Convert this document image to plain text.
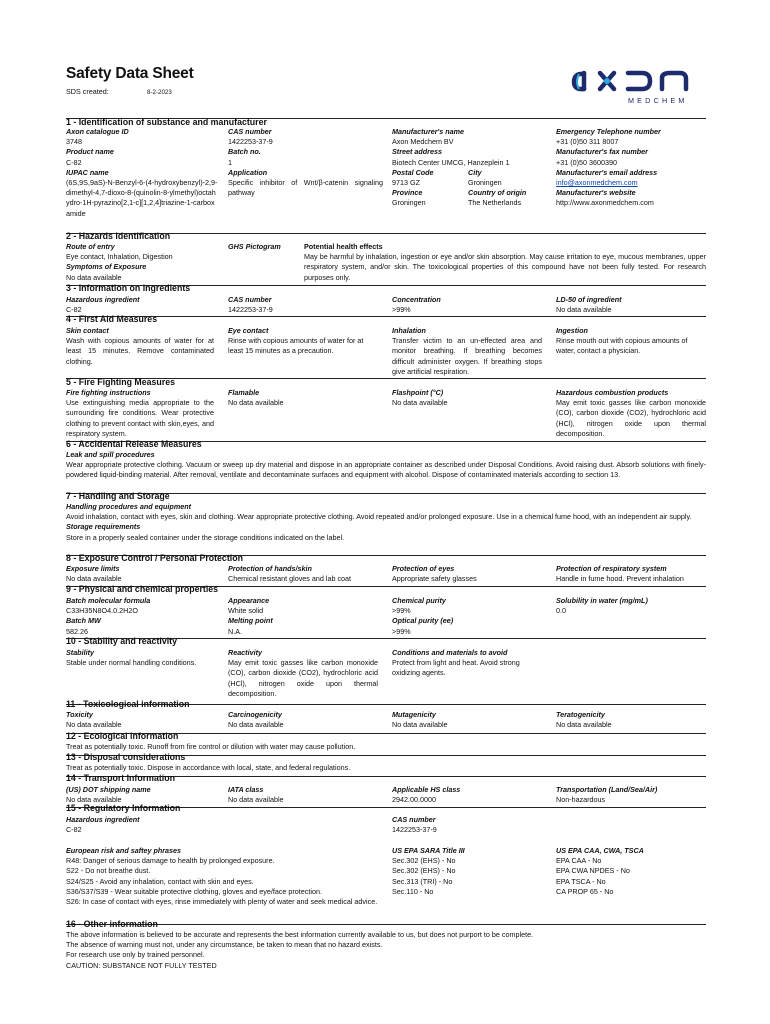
Safety Data Sheet
SDS created:	8-2-2023
MEDCHEM
1 - Identification of substance and manufacturer
Axon catalogue ID
3748
Product name
C-82
IUPAC name
(6S,9S,9aS)-N-Benzyl-6-(4-hydroxybenzyl)-2,9-dimethyl-4,7-dioxo-8-(quinolin-8-ylmethyl)octahydro-1H-pyrazino[2,1-c][1,2,4]triazine-1-carboxamide
CAS number
1422253-37-9
Batch no.
1
Application
Specific inhibitor of Wnt/β-catenin signaling pathway
Manufacturer's name
Axon Medchem BV
Street address
Biotech Center UMCG, Hanzeplein 1
Postal Code	City
9713 GZ	Groningen
Province	Country of origin
Groningen	The Netherlands
Emergency Telephone number
+31 (0)50 311 8007
Manufacturer's fax number
+31 (0)50 3600390
Manufacturer's email address
info@axonmedchem.com
Manufacturer's website
http://www.axonmedchem.com
2 - Hazards identification
Route of entry
Eye contact, Inhalation, Digestion
Symptoms of Exposure
No data available
GHS Pictogram	Potential health effects
May be harmful by inhalation, ingestion or eye and/or skin absorption. May cause irritation to eye, mucous membranes, upper respiratory system, and/or skin. The toxicological properties of this compound have not been fully tested. For research purposes only.
3 - Information on ingredients
Hazardous ingredient
C-82
CAS number
1422253-37-9
Concentration
>99%
LD-50 of ingredient
No data available
4 - First Aid Measures
Skin contact
Wash with copious amounts of water for at least 15 minutes. Remove contaminated clothing.
Eye contact
Rinse with copious amounts of water for at least 15 minutes as a precaution.
Inhalation
Transfer victim to an un-effected area and monitor breathing. If breathing becomes difficult administer oxygen. If breathing stops give artificial respiration.
Ingestion
Rinse mouth out with copious amounts of water, contact a physician.
5 - Fire Fighting Measures
Fire fighting instructions
Use extinguishing media appropriate to the surrounding fire conditions. Wear protective clothing to prevent contact with skin,eyes, and respiratory system.
Flamable
No data available
Flashpoint (°C)
No data available
Hazardous combustion products
May emit toxic gasses like carbon monoxide (CO), carbon dioxide (CO2), hydrochloric acid (HCl), nitrogen oxide upon thermal decomposition.
6 - Accidental Release Measures
Leak and spill procedures
Wear appropriate protective clothing. Vacuum or sweep up dry material and dispose in an appropriate container as described under Disposal Conditions. Avoid raising dust. Absorb solutions with finely-powdered liquid-binding material. After removal, ventilate and decontaminate surfaces and equipment with alcohol. Dispose of contaminated materials according to section 13.
7 - Handling and Storage
Handling procedures and equipment
Avoid inhalation, contact with eyes, skin and clothing. Wear appropriate protective clothing. Avoid repeated and/or prolonged exposure. Use in a chemical fume hood, with an independent air supply.
Storage requirements
Store in a properly sealed container under the storage conditions indicated on the label.
8 - Exposure Control / Personal Protection
Exposure limits
No data available
Protection of hands/skin
Chemical resistant gloves and lab coat
Protection of eyes
Appropriate safety glasses
Protection of respiratory system
Handle in fume hood. Prevent inhalation
9 - Physical and chemical properties
Batch molecular formula
C33H35N8O4.0.2H2O
Batch MW
582.26
Appearance
White solid
Melting point
N.A.
Chemical purity
>99%
Optical purity (ee)
>99%
Solubility in water (mg/mL)
0.0
10 - Stability and reactivity
Stability
Stable under normal handling conditions.
Reactivity
May emit toxic gasses like carbon monoxide (CO), carbon dioxide (CO2), hydrochloric acid (HCl), nitrogen oxide upon thermal decomposition.
Conditions and materials to avoid
Protect from light and heat. Avoid strong oxidizing agents.
11 - Toxicological information
Toxicity
No data available
Carcinogenicity
No data available
Mutagenicity
No data available
Teratogenicity
No data available
12 - Ecological information
Treat as potentially toxic. Runoff from fire control or dilution with water may cause pollution.
13 - Disposal considerations
Treat as potentially toxic. Dispose in accordance with local, state, and federal regulations.
14 - Transport Information
(US) DOT shipping name
No data available
IATA class
No data available
Applicable HS class
2942.00.0000
Transportation (Land/Sea/Air)
Non-hazardous
15 - Regulatory Information
Hazardous ingredient
C-82
CAS number
1422253-37-9
European risk and saftey phrases
R48: Danger of serious damage to health by prolonged exposure.
S22 - Do not breathe dust.
S24/S25 - Avoid any inhalation, contact with skin and eyes.
S36/S37/S39 - Wear suitable protective clothing, gloves and eye/face protection.
S26: In case of contact with eyes, rinse immediately with plenty of water and seek medical advice.
US EPA SARA Title III
Sec.302 (EHS) - No
Sec.302 (EHS) - No
Sec.313 (TRI) - No
Sec.110 - No
US EPA CAA, CWA, TSCA
EPA CAA - No
EPA CWA NPDES - No
EPA TSCA - No
CA PROP 65 - No
16 - Other information
The above information is believed to be accurate and represents the best information currently available to us, but does not purport to be complete.
The absence of warning must not, under any circumstance, be taken to mean that no hazard exists.
For research use only by trained personnel.
CAUTION: SUBSTANCE NOT FULLY TESTED
